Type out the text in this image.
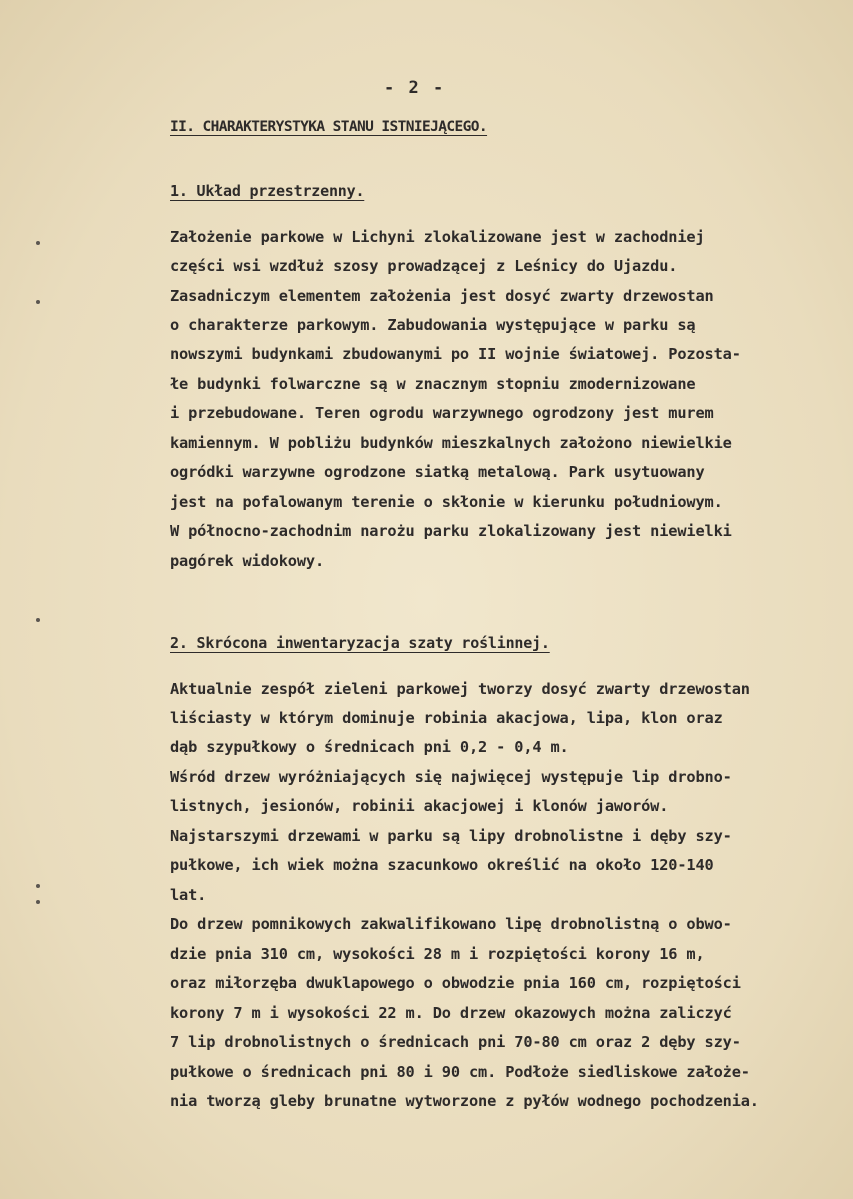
- 2 -
II. CHARAKTERYSTYKA STANU ISTNIEJĄCEGO.
1. Układ przestrzenny.
Założenie parkowe w Lichyni zlokalizowane jest w zachodniej
części wsi wzdłuż szosy prowadzącej z Leśnicy do Ujazdu.
Zasadniczym elementem założenia jest dosyć zwarty drzewostan
o charakterze parkowym. Zabudowania występujące w parku są
nowszymi budynkami zbudowanymi po II wojnie światowej. Pozosta-
łe budynki folwarczne są w znacznym stopniu zmodernizowane
i przebudowane. Teren ogrodu warzywnego ogrodzony jest murem
kamiennym. W pobliżu budynków mieszkalnych założono niewielkie
ogródki warzywne ogrodzone siatką metalową. Park usytuowany
jest na pofalowanym terenie o skłonie w kierunku południowym.
W północno-zachodnim narożu parku zlokalizowany jest niewielki
pagórek widokowy.
2. Skrócona inwentaryzacja szaty roślinnej.
Aktualnie zespół zieleni parkowej tworzy dosyć zwarty drzewostan
liściasty w którym dominuje robinia akacjowa, lipa, klon oraz
dąb szypułkowy o średnicach pni 0,2 - 0,4 m.
Wśród drzew wyróżniających się najwięcej występuje lip drobno-
listnych, jesionów, robinii akacjowej i klonów jaworów.
Najstarszymi drzewami w parku są lipy drobnolistne i dęby szy-
pułkowe, ich wiek można szacunkowo określić na około 120-140
lat.
Do drzew pomnikowych zakwalifikowano lipę drobnolistną o obwo-
dzie pnia 310 cm, wysokości 28 m i rozpiętości korony 16 m,
oraz miłorzęba dwuklapowego o obwodzie pnia 160 cm, rozpiętości
korony 7 m i wysokości 22 m. Do drzew okazowych można zaliczyć
7 lip drobnolistnych o średnicach pni 70-80 cm oraz 2 dęby szy-
pułkowe o średnicach pni 80 i 90 cm. Podłoże siedliskowe założe-
nia tworzą gleby brunatne wytworzone z pyłów wodnego pochodzenia.
